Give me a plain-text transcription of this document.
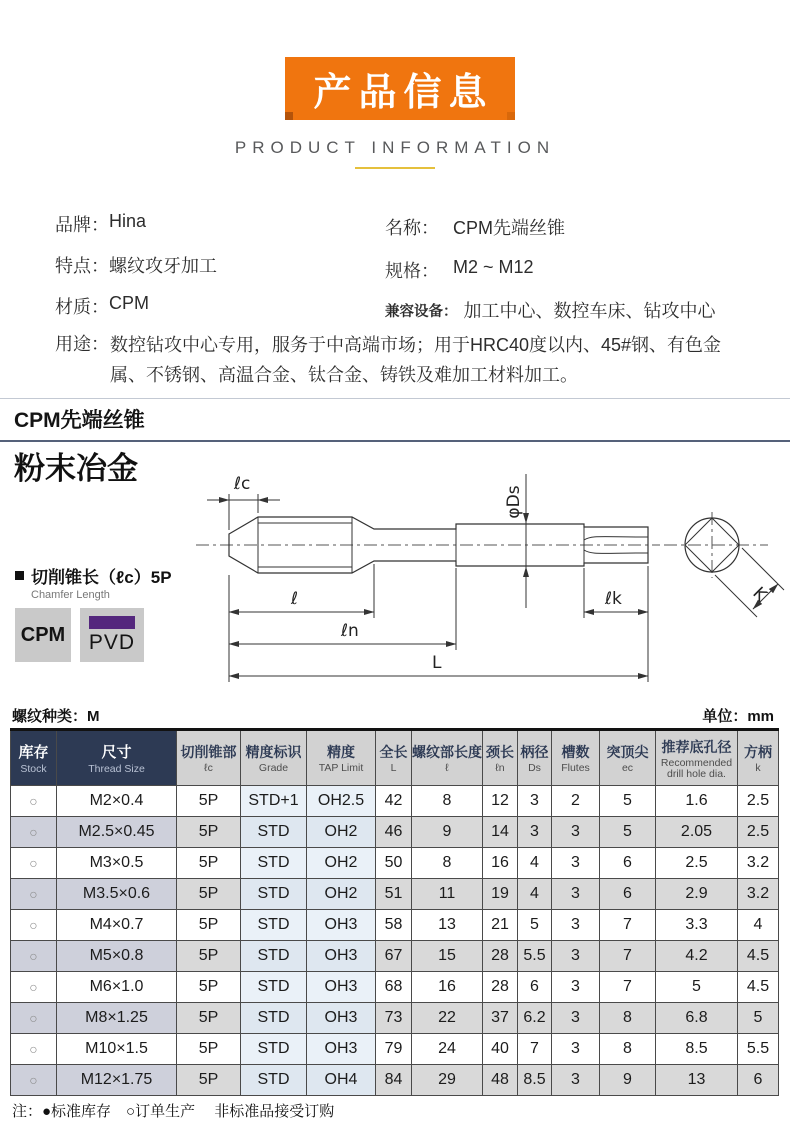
产品信息
PRODUCT INFORMATION
品牌： Hina
特点： 螺纹攻牙加工
材质： CPM
名称： CPM先端丝锥
规格： M2 ~ M12
兼容设备： 加工中心、数控车床、钻攻中心
用途： 数控钻攻中心专用，服务于中高端市场；用于HRC40度以内、45#钢、有色金属、不锈钢、高温合金、钛合金、铸铁及难加工材料加工。
CPM先端丝锥
粉末冶金	ℓc
φDs
ℓ	ℓk
ℓn
L
K
切削锥长（ℓc）5P
Chamfer Length
CPM PVD
螺纹种类：M	单位：mm
库存
Stock

尺寸
Thread Size

切削锥部
ℓc

精度标识
Grade

精度
TAP Limit

全长
L

螺纹部长度
ℓ

颈长
ℓn

柄径
Ds

槽数
Flutes

突顶尖
ec

推荐底孔径
Recommended drill hole dia.

方柄
k

○	M2×0.4	5P	STD+1	OH2.5	42	8	12	3	2	5	1.6	2.5
○	M2.5×0.45	5P	STD	OH2	46	9	14	3	3	5	2.05	2.5
○	M3×0.5	5P	STD	OH2	50	8	16	4	3	6	2.5	3.2
○	M3.5×0.6	5P	STD	OH2	51	11	19	4	3	6	2.9	3.2
○	M4×0.7	5P	STD	OH3	58	13	21	5	3	7	3.3	4
○	M5×0.8	5P	STD	OH3	67	15	28	5.5	3	7	4.2	4.5
○	M6×1.0	5P	STD	OH3	68	16	28	6	3	7	5	4.5
○	M8×1.25	5P	STD	OH3	73	22	37	6.2	3	8	6.8	5
○	M10×1.5	5P	STD	OH3	79	24	40	7	3	8	8.5	5.5
○	M12×1.75	5P	STD	OH4	84	29	48	8.5	3	9	13	6
注：●标准库存　○订单生产　 非标准品接受订购
